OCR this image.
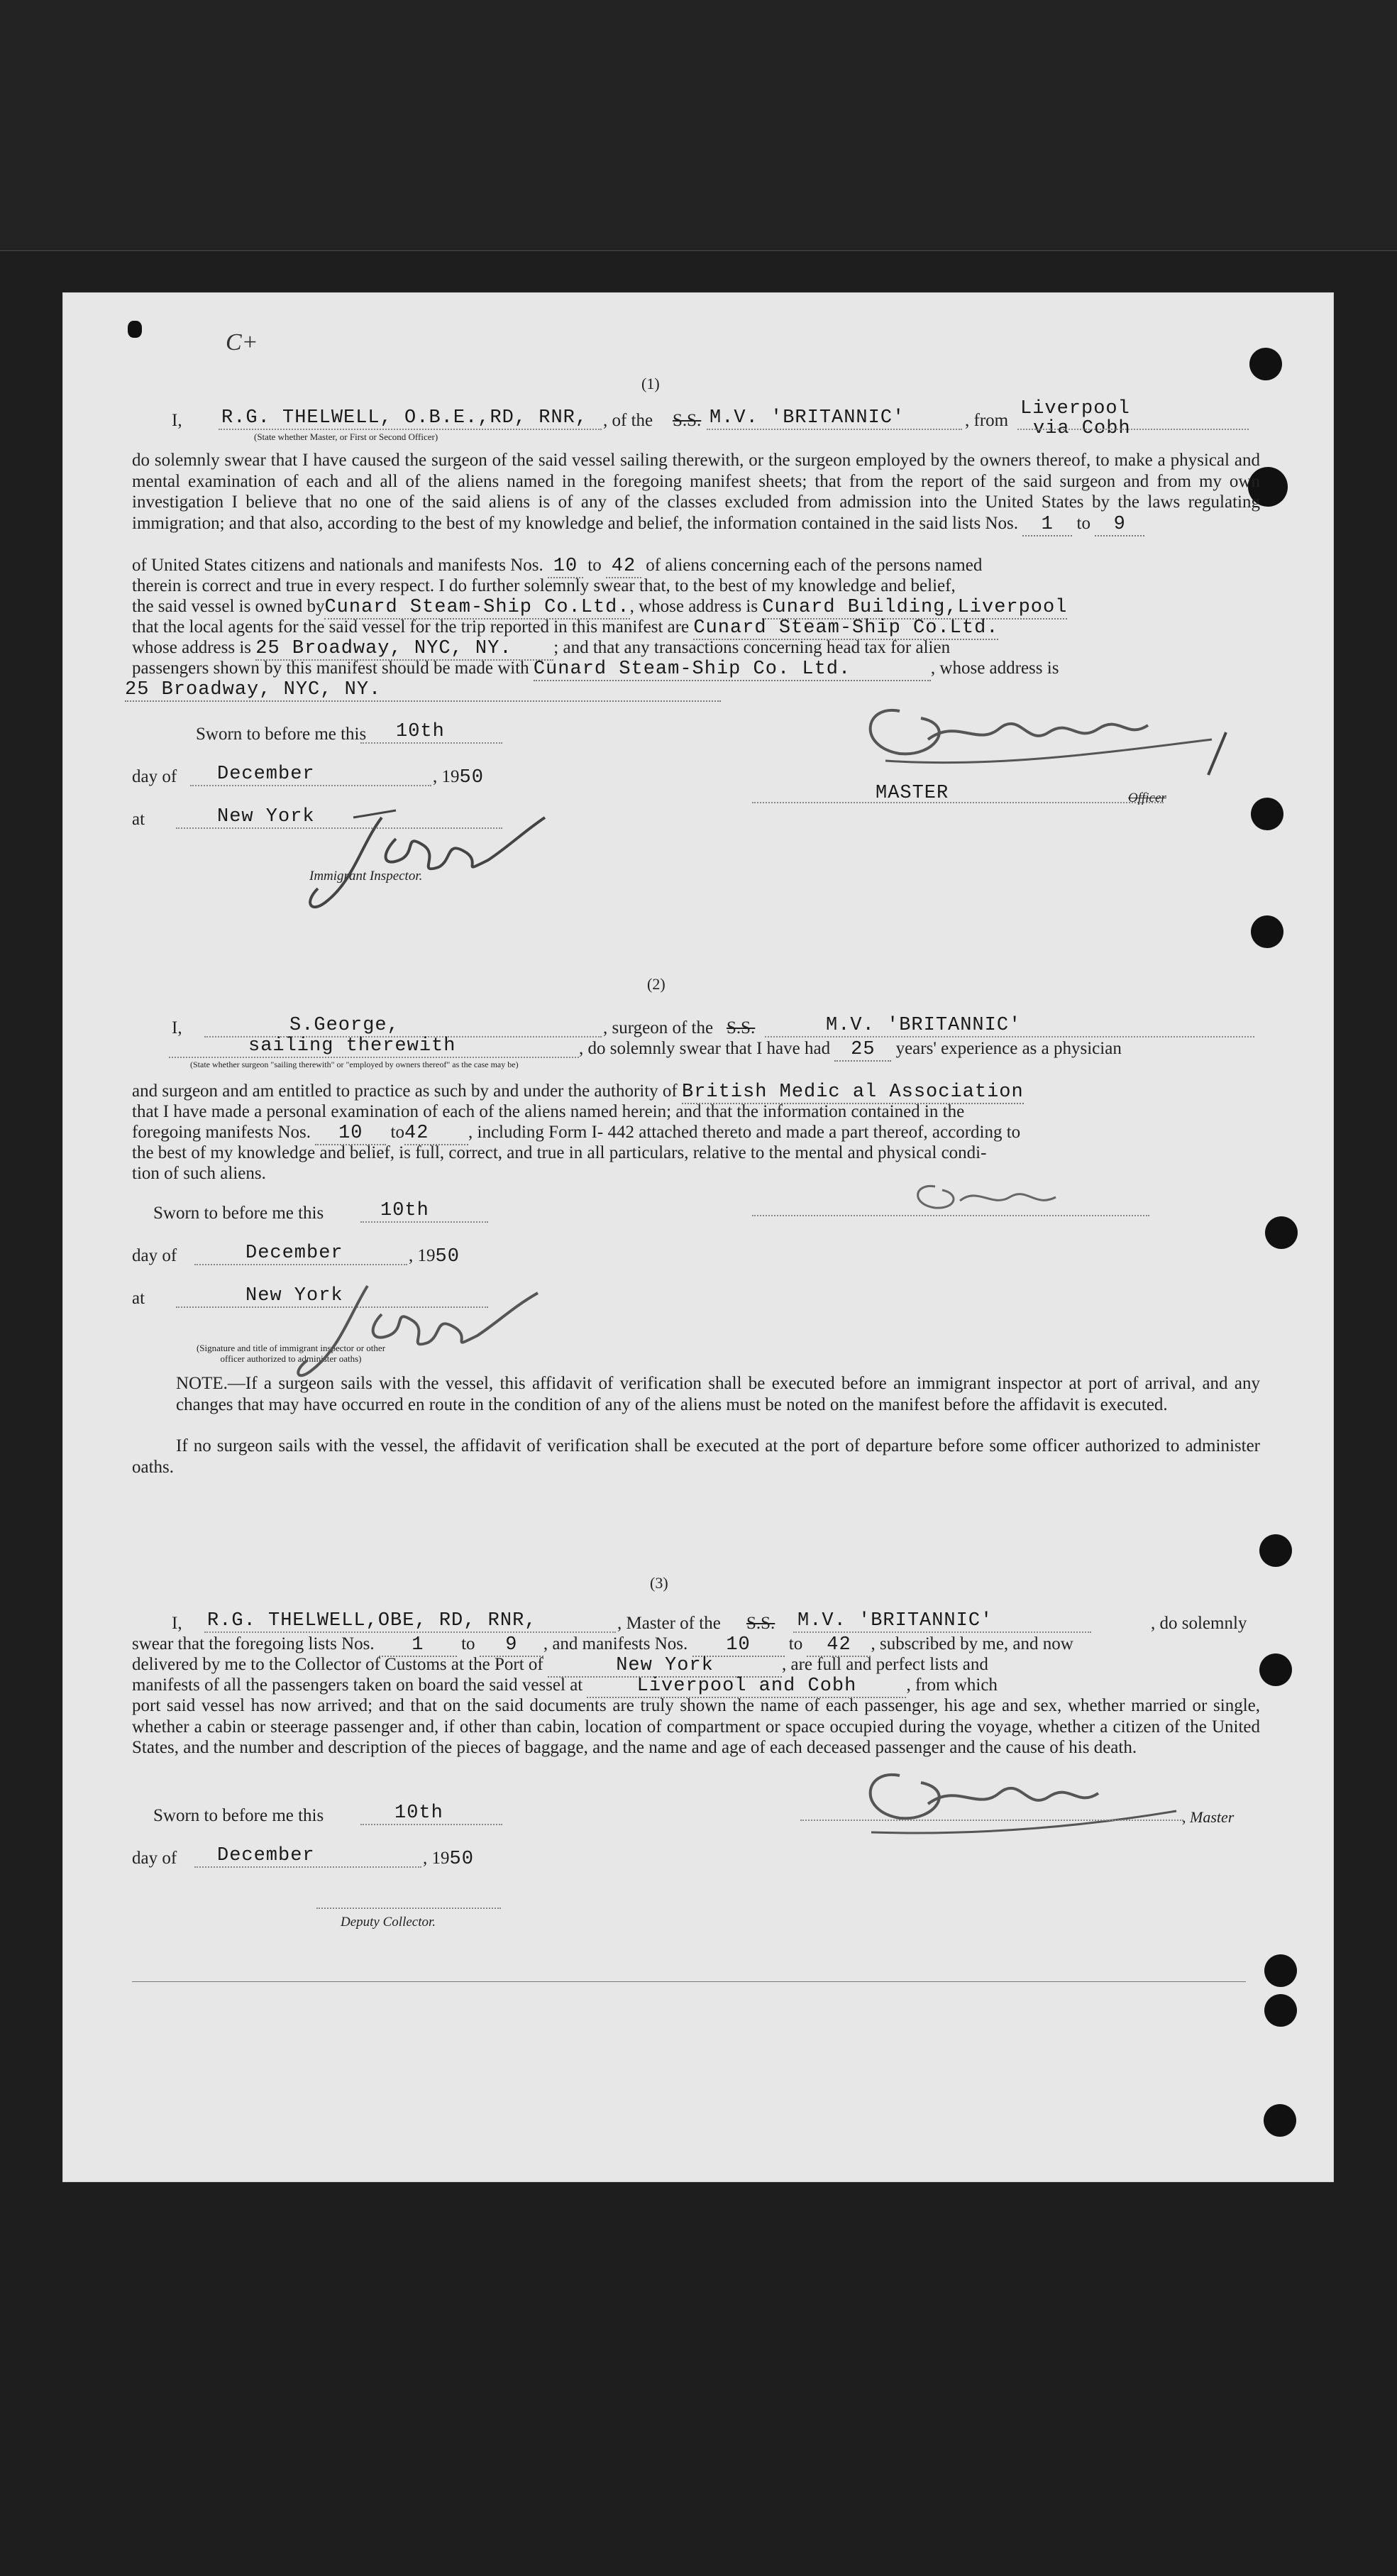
C+
(1)
I, R.G. THELWELL, O.B.E.,RD, RNR, , of the S.S. M.V. 'BRITANNIC'	, from
Liverpool
via Cobh
(State whether Master, or First or Second Officer)
do solemnly swear that I have caused the surgeon of the said vessel sailing therewith, or the surgeon employed by the owners thereof, to make a physical and mental examination of each and all of the aliens named in the foregoing manifest sheets; that from the report of the said surgeon and from my own investigation I believe that no one of the said aliens is of any of the classes excluded from admission into the United States by the laws regulating immigration; and that also, according to the best of my knowledge and belief, the information contained in the said lists Nos. 1 to 9
of United States citizens and nationals and manifests Nos. 10 to 42 of aliens concerning each of the persons named
therein is correct and true in every respect. I do further solemnly swear that, to the best of my knowledge and belief,
the said vessel is owned byCunard Steam-Ship Co.Ltd., whose address is Cunard Building,Liverpool
that the local agents for the said vessel for the trip reported in this manifest are Cunard Steam-Ship Co.Ltd.
whose address is 25 Broadway, NYC, NY. ; and that any transactions concerning head tax for alien
passengers shown by this manifest should be made with Cunard Steam-Ship Co. Ltd.	, whose address is
25 Broadway, NYC, NY.
Sworn to before me this 10th
day of December	, 1950
at	New York
Immigrant Inspector.
MASTER	Officer
(2)
I,	S.George,	, surgeon of the S.S.	M.V. 'BRITANNIC'
sailing therewith	, do solemnly swear that I have had 25 years' experience as a physician
(State whether surgeon "sailing therewith" or "employed by owners thereof" as the case may be)
and surgeon and am entitled to practice as such by and under the authority of British Medic al Association
that I have made a personal examination of each of the aliens named herein; and that the information contained in the
foregoing manifests Nos. 10 to42 , including Form I- 442 attached thereto and made a part thereof, according to
the best of my knowledge and belief, is full, correct, and true in all particulars, relative to the mental and physical condi-
tion of such aliens.
Sworn to before me this	10th
day of	December	, 1950
at	New York
(Signature and title of immigrant inspector or other officer authorized to administer oaths)
NOTE.—If a surgeon sails with the vessel, this affidavit of verification shall be executed before an immigrant inspector at port of arrival, and any changes that may have occurred en route in the condition of any of the aliens must be noted on the manifest before the affidavit is executed.
If no surgeon sails with the vessel, the affidavit of verification shall be executed at the port of departure before some officer authorized to administer oaths.
(3)
I, R.G. THELWELL,OBE, RD, RNR,	, Master of the S.S. M.V. 'BRITANNIC'	, do solemnly
swear that the foregoing lists Nos. 1 to 9 , and manifests Nos. 10 to 42 , subscribed by me, and now
delivered by me to the Collector of Customs at the Port of	New York	, are full and perfect lists and
manifests of all the passengers taken on board the said vessel at	Liverpool and Cobh	, from which
port said vessel has now arrived; and that on the said documents are truly shown the name of each passenger, his age and sex, whether married or single, whether a cabin or steerage passenger and, if other than cabin, location of compartment or space occupied during the voyage, whether a citizen of the United States, and the number and description of the pieces of baggage, and the name and age of each deceased passenger and the cause of his death.
, Master
Sworn to before me this	10th
day of December	, 1950
Deputy Collector.
